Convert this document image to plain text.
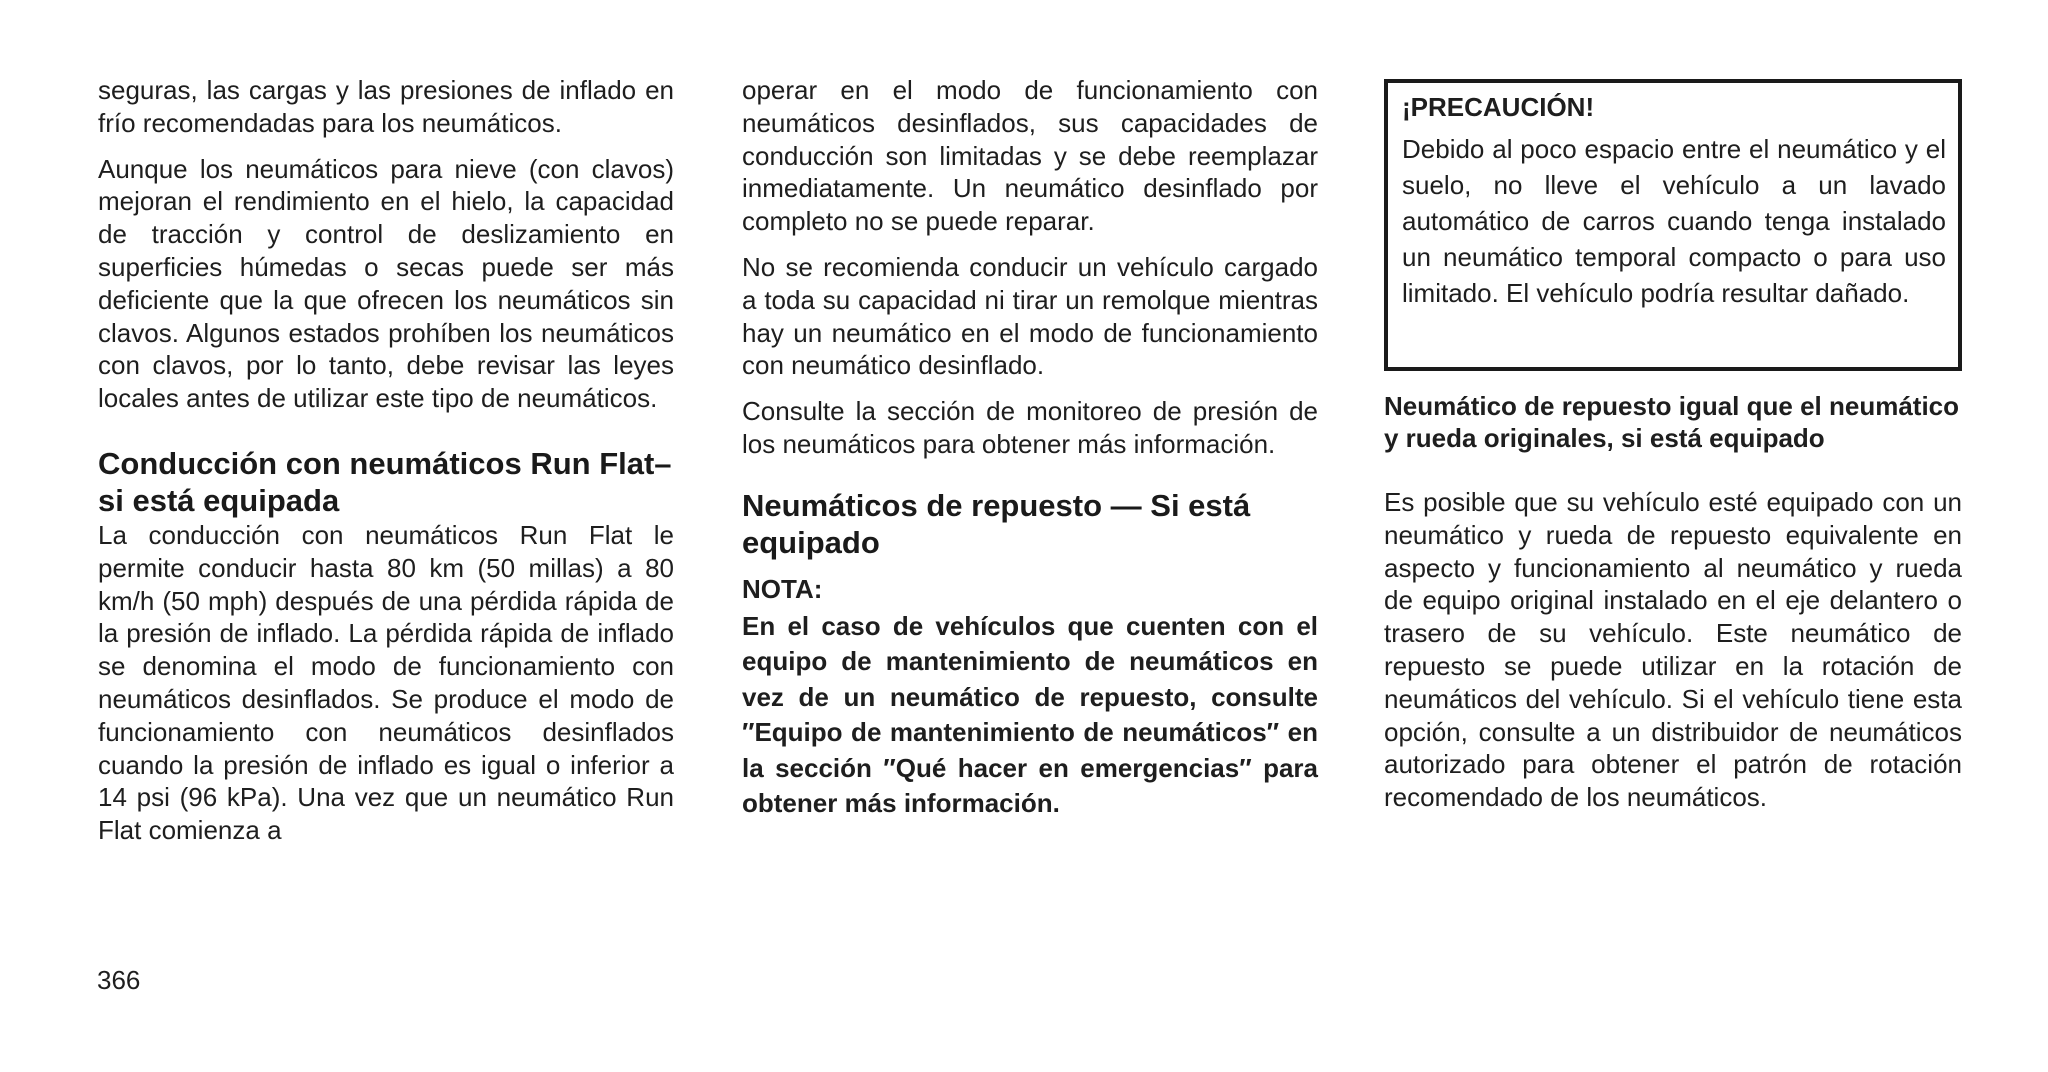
seguras, las cargas y las presiones de inflado en frío recomendadas para los neumáticos.

Aunque los neumáticos para nieve (con clavos) mejoran el rendimiento en el hielo, la capacidad de tracción y control de deslizamiento en superficies húmedas o secas puede ser más deficiente que la que ofrecen los neumáticos sin clavos. Algunos estados prohíben los neumáticos con clavos, por lo tanto, debe revisar las leyes locales antes de utilizar este tipo de neumáticos.

Conducción con neumáticos Run Flat– si está equipada

La conducción con neumáticos Run Flat le permite conducir hasta 80 km (50 millas) a 80 km/h (50 mph) después de una pérdida rápida de la presión de inflado. La pérdida rápida de inflado se denomina el modo de funcionamiento con neumáticos desinflados. Se produce el modo de funcionamiento con neumáticos desinflados cuando la presión de inflado es igual o inferior a 14 psi (96 kPa). Una vez que un neumático Run Flat comienza a

operar en el modo de funcionamiento con neumáticos desinflados, sus capacidades de conducción son limitadas y se debe reemplazar inmediatamente. Un neumático desinflado por completo no se puede reparar.

No se recomienda conducir un vehículo cargado a toda su capacidad ni tirar un remolque mientras hay un neumático en el modo de funcionamiento con neumático desinflado.

Consulte la sección de monitoreo de presión de los neumáticos para obtener más información.

Neumáticos de repuesto — Si está equipado
NOTA:

En el caso de vehículos que cuenten con el equipo de mantenimiento de neumáticos en vez de un neumático de repuesto, consulte ″Equipo de mantenimiento de neumáticos″ en la sección ″Qué hacer en emergencias″ para obtener más información.

¡PRECAUCIÓN!

Debido al poco espacio entre el neumático y el suelo, no lleve el vehículo a un lavado automático de carros cuando tenga instalado un neumático temporal compacto o para uso limitado. El vehículo podría resultar dañado.

Neumático de repuesto igual que el neumático y rueda originales, si está equipado

Es posible que su vehículo esté equipado con un neumático y rueda de repuesto equivalente en aspecto y funcionamiento al neumático y rueda de equipo original instalado en el eje delantero o trasero de su vehículo. Este neumático de repuesto se puede utilizar en la rotación de neumáticos del vehículo. Si el vehículo tiene esta opción, consulte a un distribuidor de neumáticos autorizado para obtener el patrón de rotación recomendado de los neumáticos.

366
